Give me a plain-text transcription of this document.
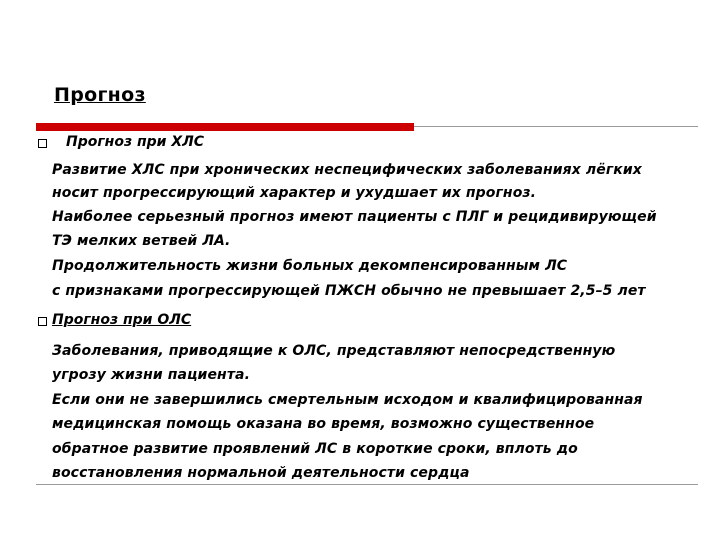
Прогноз
Прогноз при ХЛС
Развитие ХЛС при хронических неспецифических заболеваниях лёгких
носит прогрессирующий характер и ухудшает их прогноз.
Наиболее серьезный прогноз имеют пациенты с ПЛГ и рецидивирующей
ТЭ мелких ветвей ЛА.
Продолжительность жизни больных декомпенсированным ЛС
с признаками прогрессирующей ПЖСН обычно не превышает 2,5–5 лет
Прогноз при ОЛС
Заболевания, приводящие к ОЛС, представляют непосредственную
угрозу жизни пациента.
Если они не завершились смертельным исходом и квалифицированная
медицинская помощь оказана во время, возможно существенное
обратное развитие проявлений ЛС в короткие сроки, вплоть до
восстановления нормальной деятельности сердца
